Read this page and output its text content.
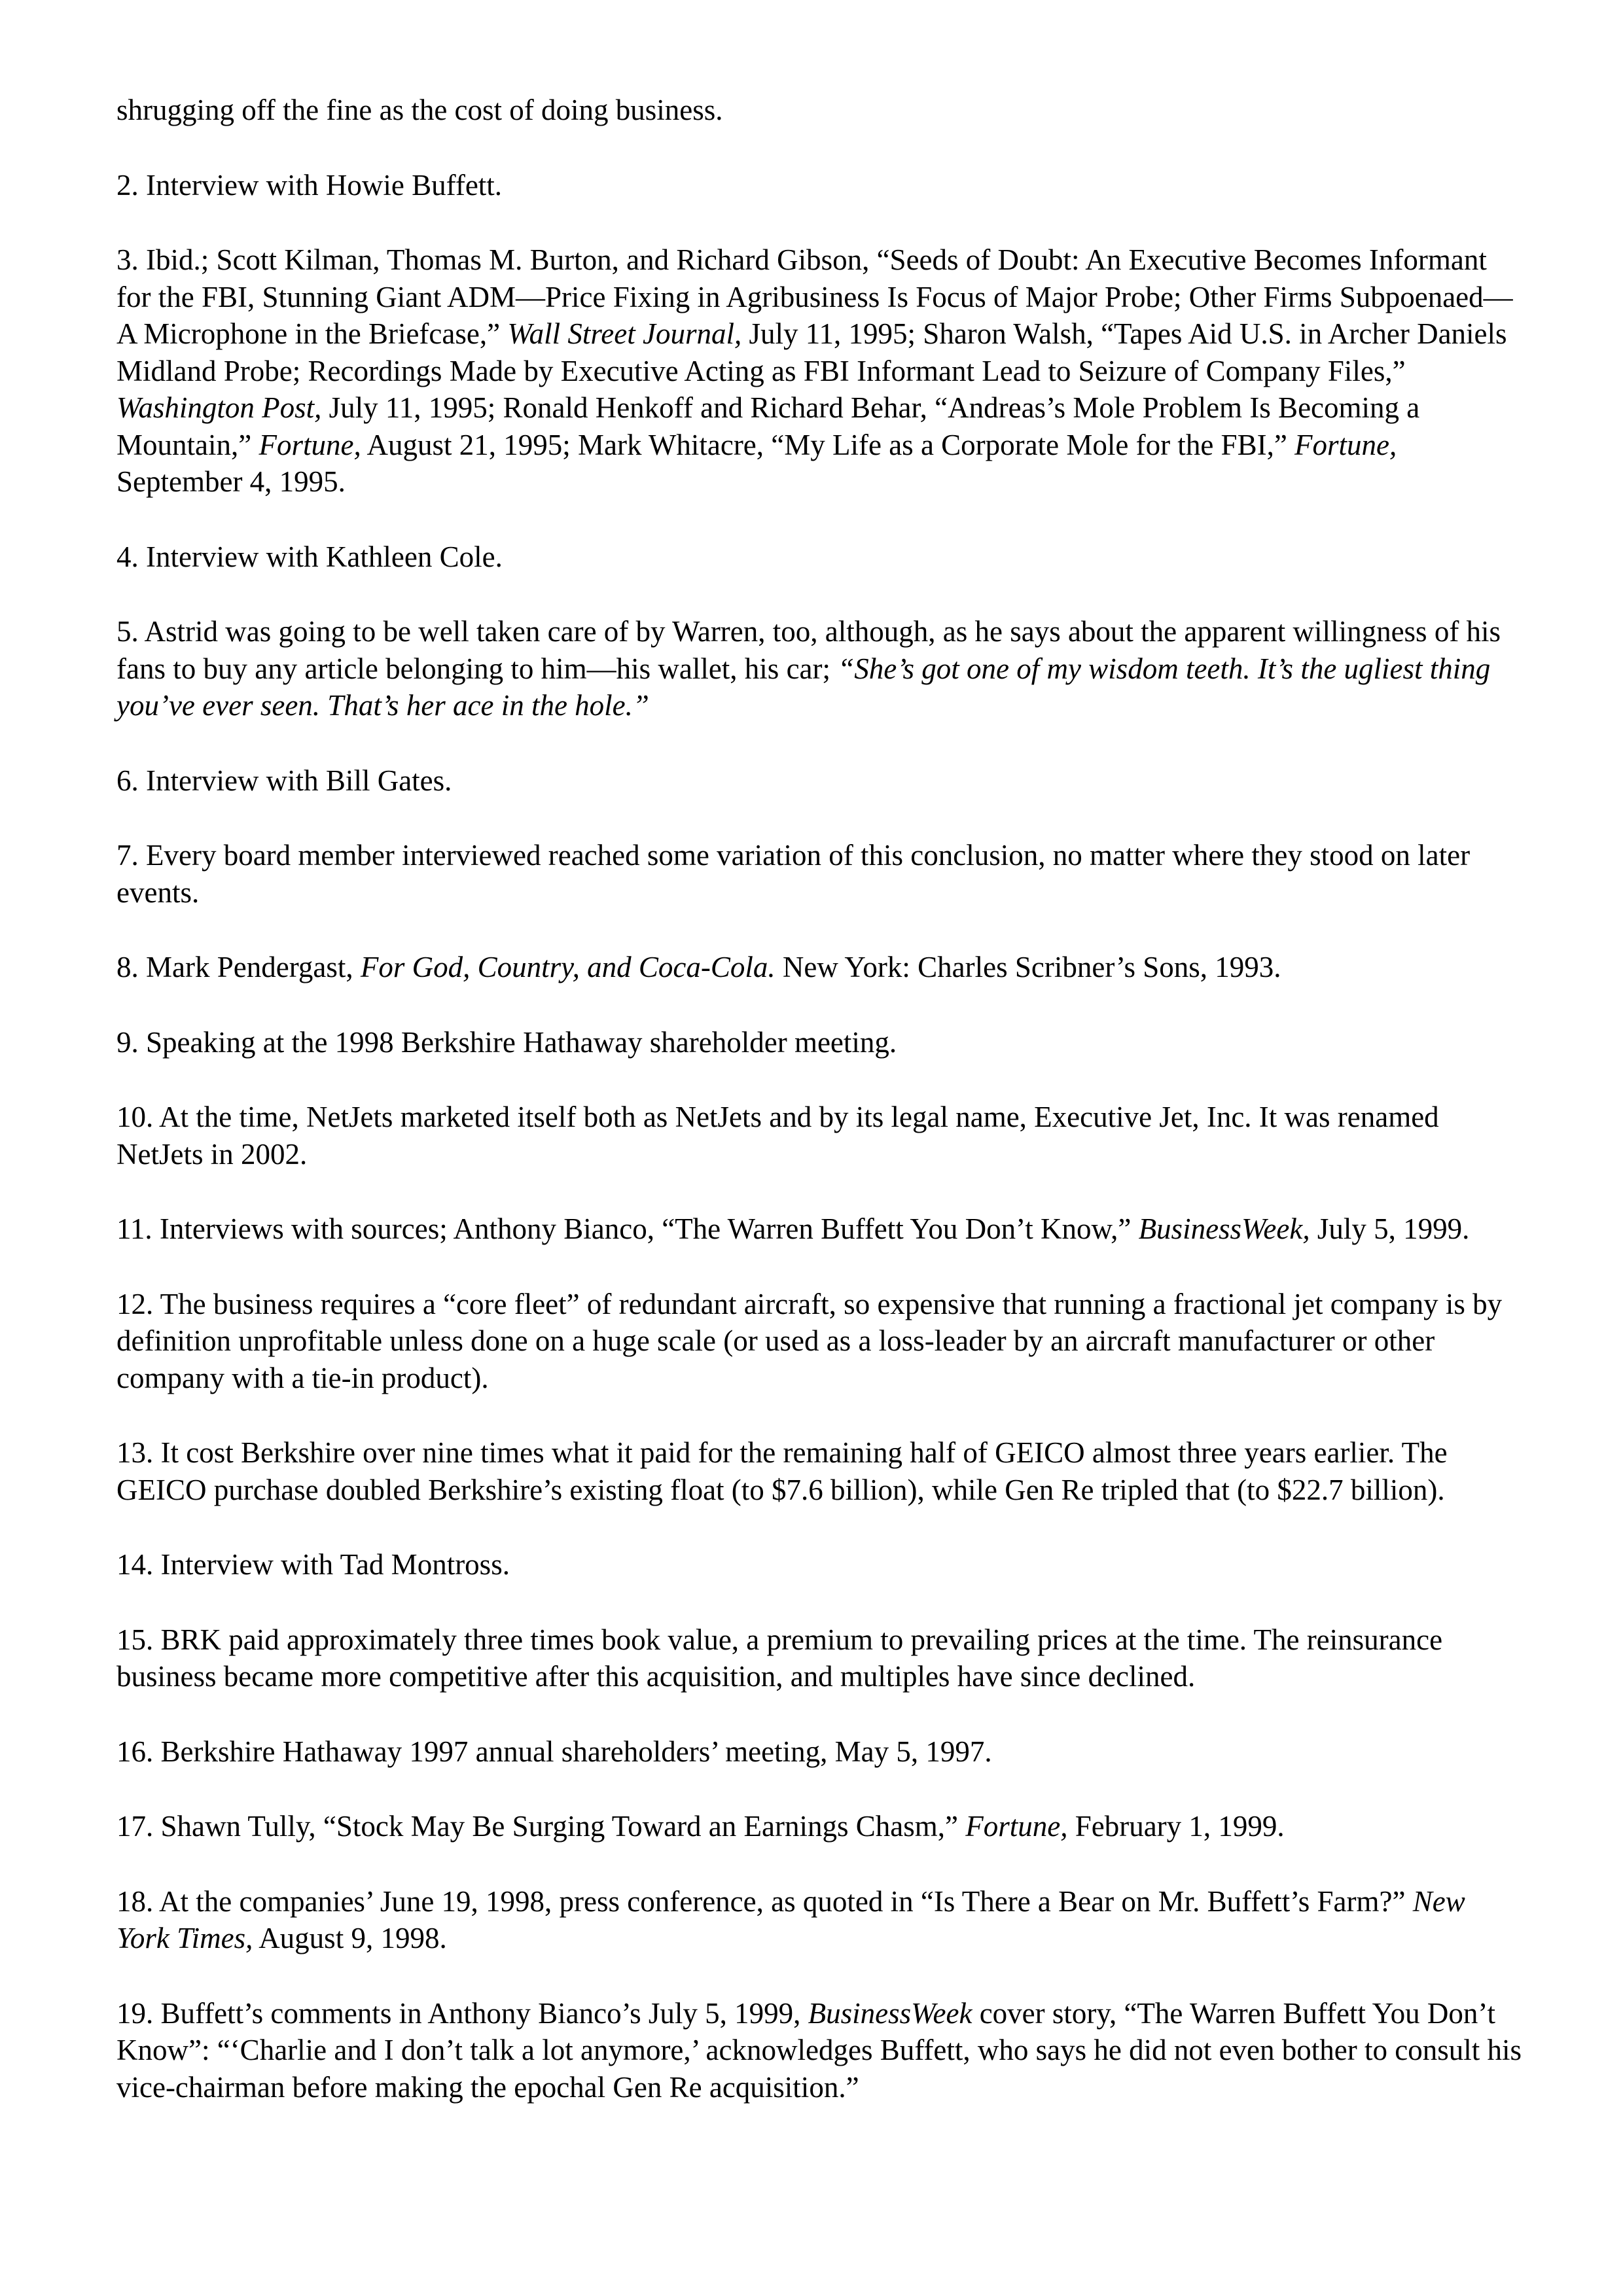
shrugging off the fine as the cost of doing business.

2. Interview with Howie Buffett.

3. Ibid.; Scott Kilman, Thomas M. Burton, and Richard Gibson, “Seeds of Doubt: An Executive Becomes Informant for the FBI, Stunning Giant ADM—Price Fixing in Agribusiness Is Focus of Major Probe; Other Firms Subpoenaed—A Microphone in the Briefcase,” Wall Street Journal, July 11, 1995; Sharon Walsh, “Tapes Aid U.S. in Archer Daniels Midland Probe; Recordings Made by Executive Acting as FBI Informant Lead to Seizure of Company Files,” Washington Post, July 11, 1995; Ronald Henkoff and Richard Behar, “Andreas’s Mole Problem Is Becoming a Mountain,” Fortune, August 21, 1995; Mark Whitacre, “My Life as a Corporate Mole for the FBI,” Fortune, September 4, 1995.

4. Interview with Kathleen Cole.

5. Astrid was going to be well taken care of by Warren, too, although, as he says about the apparent willingness of his fans to buy any article belonging to him—his wallet, his car; “She’s got one of my wisdom teeth. It’s the ugliest thing you’ve ever seen. That’s her ace in the hole.”

6. Interview with Bill Gates.

7. Every board member interviewed reached some variation of this conclusion, no matter where they stood on later events.

8. Mark Pendergast, For God, Country, and Coca-Cola. New York: Charles Scribner’s Sons, 1993.

9. Speaking at the 1998 Berkshire Hathaway shareholder meeting.

10. At the time, NetJets marketed itself both as NetJets and by its legal name, Executive Jet, Inc. It was renamed NetJets in 2002.

11. Interviews with sources; Anthony Bianco, “The Warren Buffett You Don’t Know,” BusinessWeek, July 5, 1999.

12. The business requires a “core fleet” of redundant aircraft, so expensive that running a fractional jet company is by definition unprofitable unless done on a huge scale (or used as a loss-leader by an aircraft manufacturer or other company with a tie-in product).

13. It cost Berkshire over nine times what it paid for the remaining half of GEICO almost three years earlier. The GEICO purchase doubled Berkshire’s existing float (to $7.6 billion), while Gen Re tripled that (to $22.7 billion).

14. Interview with Tad Montross.

15. BRK paid approximately three times book value, a premium to prevailing prices at the time. The reinsurance business became more competitive after this acquisition, and multiples have since declined.

16. Berkshire Hathaway 1997 annual shareholders’ meeting, May 5, 1997.

17. Shawn Tully, “Stock May Be Surging Toward an Earnings Chasm,” Fortune, February 1, 1999.

18. At the companies’ June 19, 1998, press conference, as quoted in “Is There a Bear on Mr. Buffett’s Farm?” New York Times, August 9, 1998.

19. Buffett’s comments in Anthony Bianco’s July 5, 1999, BusinessWeek cover story, “The Warren Buffett You Don’t Know”: “‘Charlie and I don’t talk a lot anymore,’ acknowledges Buffett, who says he did not even bother to consult his vice-chairman before making the epochal Gen Re acquisition.”
